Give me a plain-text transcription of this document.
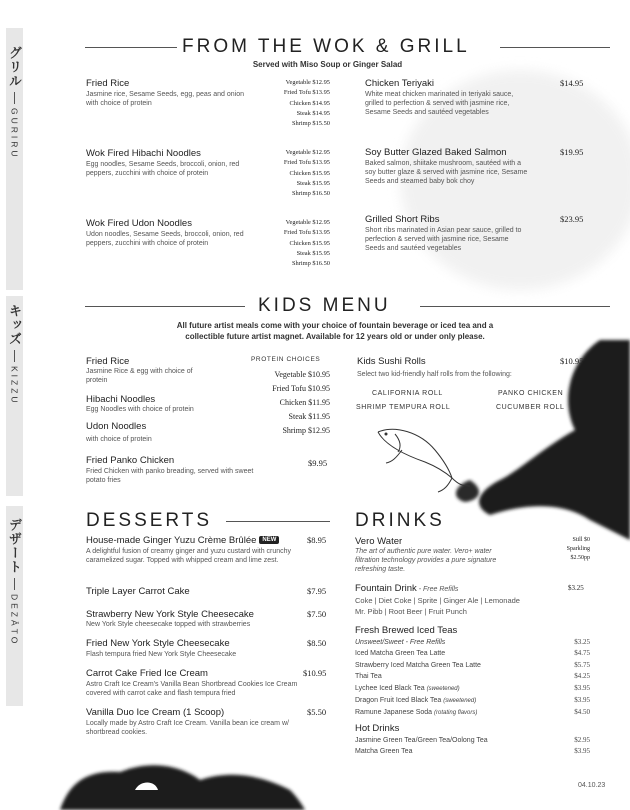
グリル
GURIRU
キッズ
KIZZU
デザート
DEZĀTO
FROM THE WOK & GRILL
Served with Miso Soup or Ginger Salad
Fried Rice
Jasmine rice, Sesame Seeds, egg, peas and onion with choice of protein
Vegetable $12.95
Fried Tofu $13.95
Chicken $14.95
Steak $14.95
Shrimp $15.50
Wok Fired Hibachi Noodles
Egg noodles, Sesame Seeds, broccoli, onion, red peppers, zucchini with choice of protein
Vegetable $12.95
Fried Tofu $13.95
Chicken $15.95
Steak $15.95
Shrimp $16.50
Wok Fired Udon Noodles
Udon noodles, Sesame Seeds, broccoli, onion, red peppers, zucchini with choice of protein
Vegetable $12.95
Fried Tofu $13.95
Chicken $15.95
Steak $15.95
Shrimp $16.50
Chicken Teriyaki	$14.95
White meat chicken marinated in teriyaki sauce, grilled to perfection & served with jasmine rice, Sesame Seeds and sautéed vegetables
Soy Butter Glazed Baked Salmon	$19.95
Baked salmon, shiitake mushroom, sautéed with a soy butter glaze & served with jasmine rice, Sesame Seeds and steamed baby bok choy
Grilled Short Ribs	$23.95
Short ribs marinated in Asian pear sauce, grilled to perfection & served with jasmine rice, Sesame Seeds and sautéed vegetables
KIDS MENU
All future artist meals come with your choice of fountain beverage or iced tea and a
collectible future artist magnet. Available for 12 years old or under only please.
Fried Rice
Jasmine Rice & egg with choice of protein
Hibachi Noodles
Egg Noodles with choice of protein
Udon Noodles
with choice of protein
PROTEIN CHOICES
Vegetable $10.95
Fried Tofu $10.95
Chicken $11.95
Steak $11.95
Shrimp $12.95
Fried Panko Chicken	$9.95
Fried Chicken with panko breading, served with sweet potato fries
Kids Sushi Rolls	$10.95
Select two kid-friendly half rolls from the following:
CALIFORNIA ROLL	PANKO CHICKEN
SHRIMP TEMPURA ROLL	CUCUMBER ROLL
DESSERTS
House-made Ginger Yuzu Crème Brûlée NEW	$8.95
A delightful fusion of creamy ginger and yuzu custard with crunchy caramelized sugar. Topped with whipped cream and lime zest.
Triple Layer Carrot Cake	$7.95
Strawberry New York Style Cheesecake	$7.50
New York Style cheesecake topped with strawberries
Fried New York Style Cheesecake	$8.50
Flash tempura fried New York Style Cheesecake
Carrot Cake Fried Ice Cream	$10.95
Astro Craft Ice Cream's Vanilla Bean Shortbread Cookies Ice Cream covered with carrot cake and flash tempura fried
Vanilla Duo Ice Cream (1 Scoop)	$5.50
Locally made by Astro Craft Ice Cream. Vanilla bean ice cream w/ shortbread cookies.
DRINKS
Vero Water
The art of authentic pure water. Vero+ water filtration technology provides a pure signature refreshing taste.
Still $0
Sparkling
$2.50pp
Fountain Drink - Free Refills	$3.25
Coke | Diet Coke | Sprite | Ginger Ale | Lemonade
Mr. Pibb | Root Beer | Fruit Punch
Fresh Brewed Iced Teas
Unsweet/Sweet - Free Refills	$3.25
Iced Matcha Green Tea Latte	$4.75
Strawberry Iced Matcha Green Tea Latte	$5.75
Thai Tea	$4.25
Lychee Iced Black Tea (sweetened)	$3.95
Dragon Fruit Iced Black Tea (sweetened)	$3.95
Ramune Japanese Soda (rotating flavors)	$4.50
Hot Drinks
Jasmine Green Tea/Green Tea/Oolong Tea	$2.95
Matcha Green Tea	$3.95
04.10.23
